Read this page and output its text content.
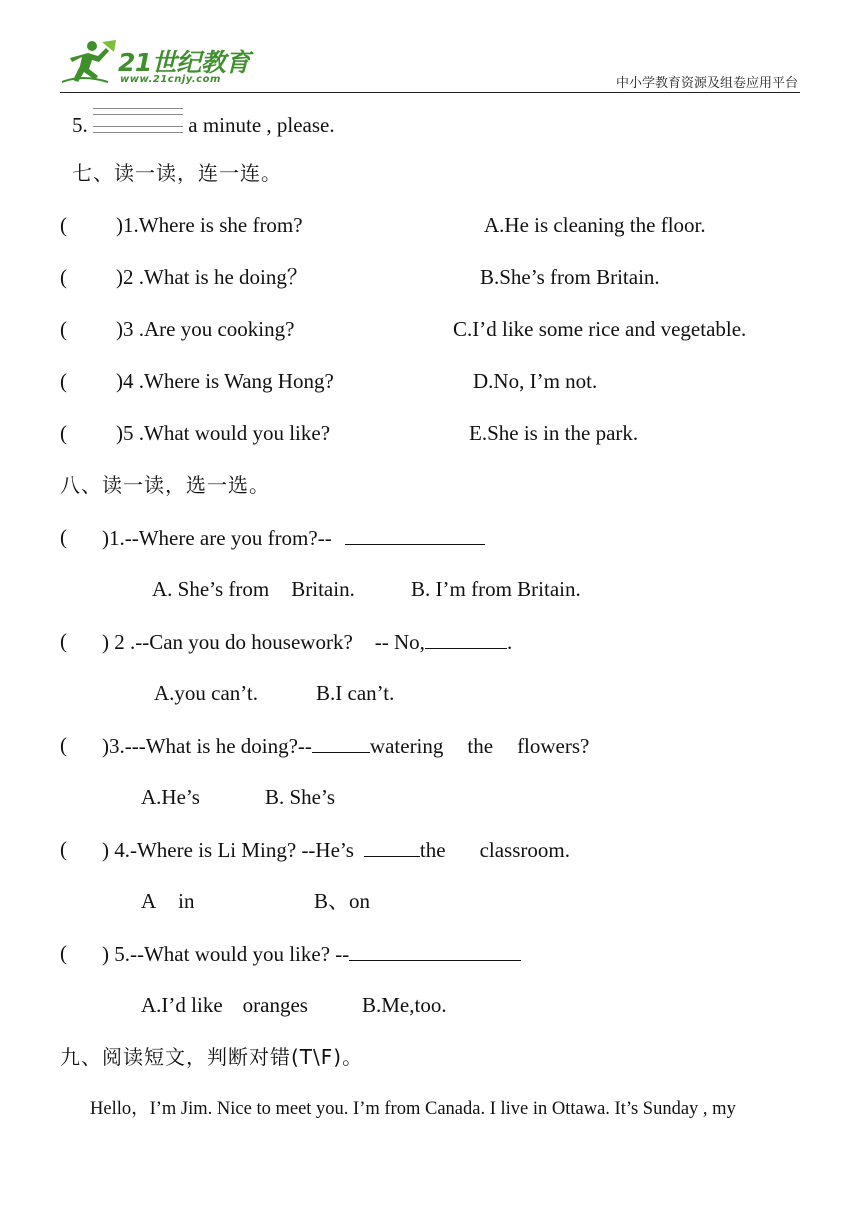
21世纪教育
www.21cnjy.com	中小学教育资源及组卷应用平台
5.	a minute , please.
七、读一读，连一连。
( )1.Where is she from?	A.He is cleaning the floor.
( )2 .What is he doing？	B.She’s from Britain.
( )3 .Are you cooking?	C.I’d like some rice and vegetable.
( )4 .Where is Wang Hong?	D.No, I’m not.
( )5 .What would you like?	E.She is in the park.
八、读一读，选一选。
( )1.--Where are you from?--
A. She’s from Britain.	B. I’m from Britain.
( ) 2 .--Can you do housework? -- No,	.
A.you can’t.	B.I can’t.
( )3.---What is he doing?--	watering the flowers?
A.He’s	B. She’s
( ) 4.-Where is Li Ming? --He’s	the classroom.
A in	B、on
( ) 5.--What would you like? --
A.I’d like oranges	B.Me,too.
九、阅读短文，判断对错(T\F)。
Hello，I’m Jim. Nice to meet you. I’m from Canada. I live in Ottawa. It’s Sunday , my
